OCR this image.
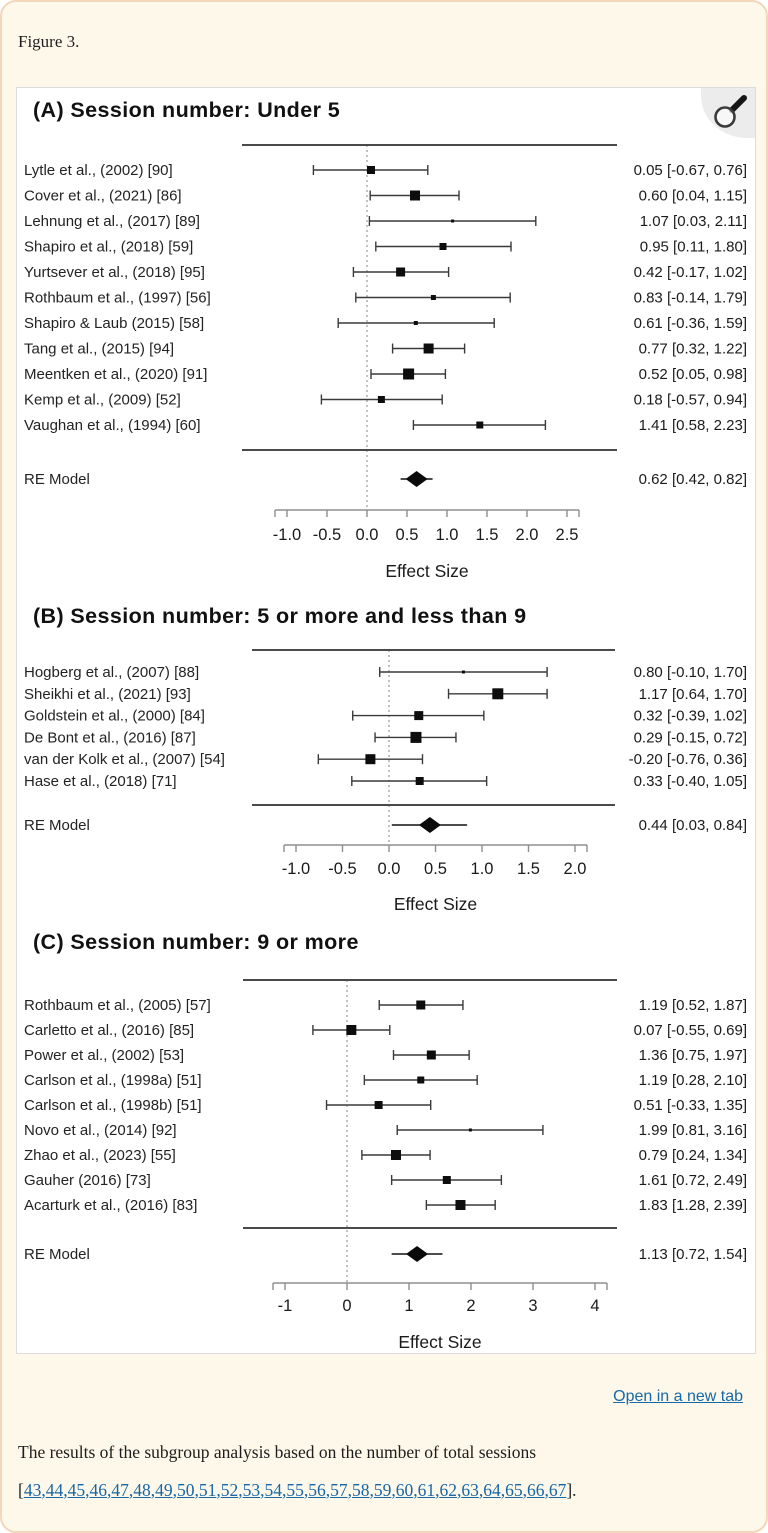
Figure 3.
(A) Session number: Under 5
Lytle et al., (2002) [90]	0.05 [-0.67, 0.76]
Cover et al., (2021) [86]	0.60 [0.04, 1.15]
Lehnung et al., (2017) [89]	1.07 [0.03, 2.11]
Shapiro et al., (2018) [59]	0.95 [0.11, 1.80]
Yurtsever et al., (2018) [95]	0.42 [-0.17, 1.02]
Rothbaum et al., (1997) [56]	0.83 [-0.14, 1.79]
Shapiro & Laub (2015) [58]	0.61 [-0.36, 1.59]
Tang et al., (2015) [94]	0.77 [0.32, 1.22]
Meentken et al., (2020) [91]	0.52 [0.05, 0.98]
Kemp et al., (2009) [52]	0.18 [-0.57, 0.94]
Vaughan et al., (1994) [60]	1.41 [0.58, 2.23]
RE Model	0.62 [0.42, 0.82]
-1.0 -0.5 0.0 0.5 1.0 1.5 2.0 2.5
Effect Size
(B) Session number: 5 or more and less than 9
Hogberg et al., (2007) [88]	0.80 [-0.10, 1.70]
Sheikhi et al., (2021) [93]	1.17 [0.64, 1.70]
Goldstein et al., (2000) [84]	0.32 [-0.39, 1.02]
De Bont et al., (2016) [87]	0.29 [-0.15, 0.72]
van der Kolk et al., (2007) [54]	-0.20 [-0.76, 0.36]
Hase et al., (2018) [71]	0.33 [-0.40, 1.05]
RE Model	0.44 [0.03, 0.84]
-1.0 -0.5 0.0 0.5 1.0 1.5 2.0
Effect Size
(C) Session number: 9 or more
Rothbaum et al., (2005) [57]	1.19 [0.52, 1.87]
Carletto et al., (2016) [85]	0.07 [-0.55, 0.69]
Power et al., (2002) [53]	1.36 [0.75, 1.97]
Carlson et al., (1998a) [51]	1.19 [0.28, 2.10]
Carlson et al., (1998b) [51]	0.51 [-0.33, 1.35]
Novo et al., (2014) [92]	1.99 [0.81, 3.16]
Zhao et al., (2023) [55]	0.79 [0.24, 1.34]
Gauher (2016) [73]	1.61 [0.72, 2.49]
Acarturk et al., (2016) [83]	1.83 [1.28, 2.39]
RE Model	1.13 [0.72, 1.54]
-1	0	1	2	3	4
Effect Size
Open in a new tab

The results of the subgroup analysis based on the number of total sessions [43,44,45,46,47,48,49,50,51,52,53,54,55,56,57,58,59,60,61,62,63,64,65,66,67].
